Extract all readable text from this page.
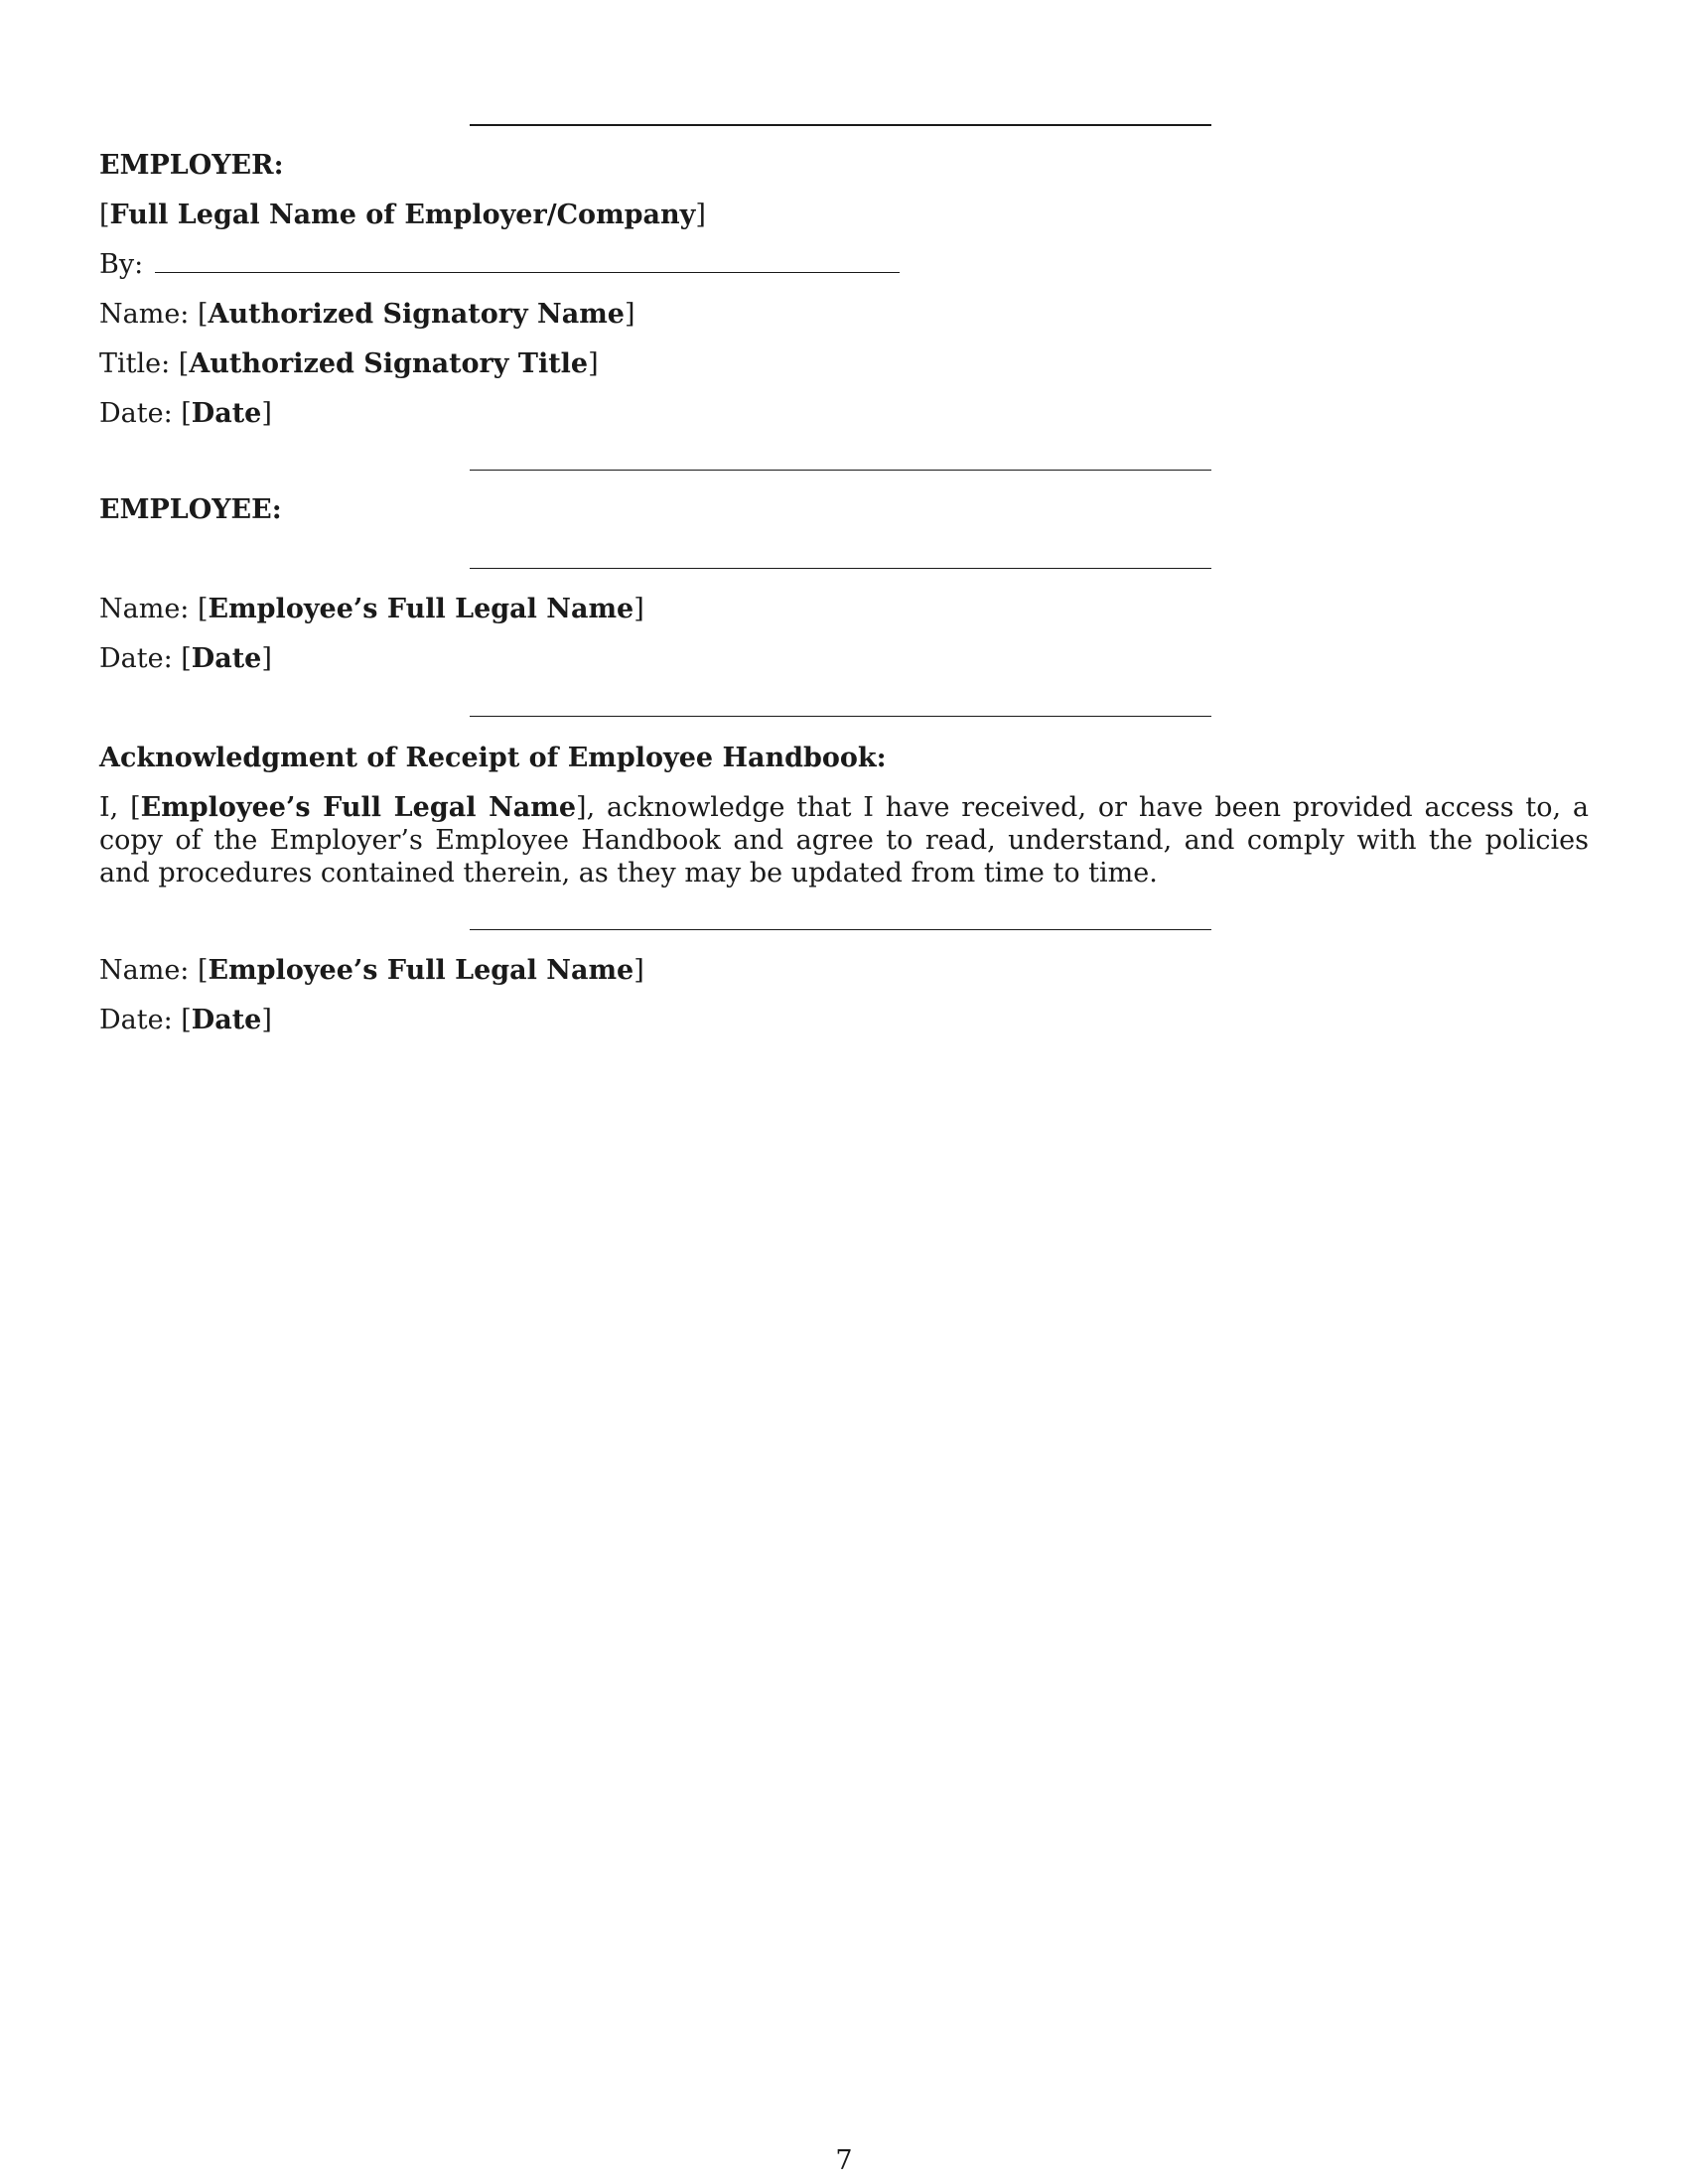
EMPLOYER:
[Full Legal Name of Employer/Company]
By:
Name: [Authorized Signatory Name]
Title: [Authorized Signatory Title]
Date: [Date]
EMPLOYEE:
Name: [Employee’s Full Legal Name]
Date: [Date]
Acknowledgment of Receipt of Employee Handbook:
I, [Employee’s Full Legal Name], acknowledge that I have received, or have been provided access to, a copy of the Employer’s Employee Handbook and agree to read, understand, and comply with the policies and procedures contained therein, as they may be updated from time to time.
Name: [Employee’s Full Legal Name]
Date: [Date]
7
